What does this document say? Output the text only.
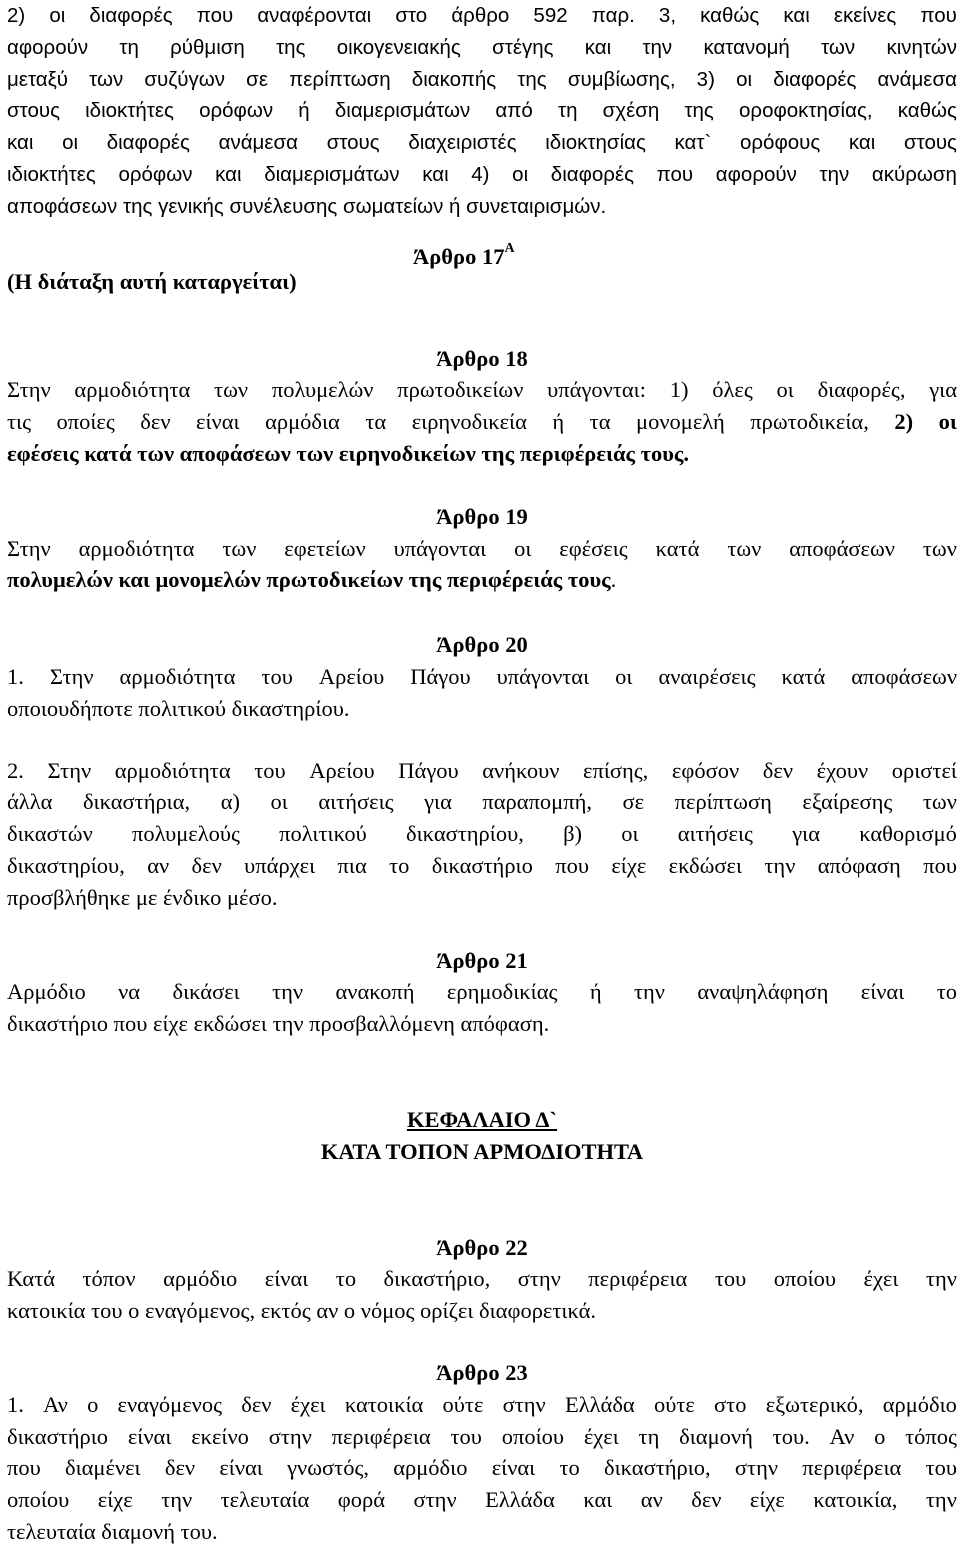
2) οι διαφορές που αναφέρονται στο άρθρο 592 παρ. 3, καθώς και εκείνες που
αφορούν τη ρύθμιση της οικογενειακής στέγης και την κατανομή των κινητών
μεταξύ των συζύγων σε περίπτωση διακοπής της συμβίωσης, 3) οι διαφορές ανάμεσα
στους ιδιοκτήτες ορόφων ή διαμερισμάτων από τη σχέση της οροφοκτησίας, καθώς
και οι διαφορές ανάμεσα στους διαχειριστές ιδιοκτησίας κατ` ορόφους και στους
ιδιοκτήτες ορόφων και διαμερισμάτων και 4) οι διαφορές που αφορούν την ακύρωση
αποφάσεων της γενικής συνέλευσης σωματείων ή συνεταιρισμών.
Άρθρο $17^A$
(Η διάταξη αυτή καταργείται)
Άρθρο 18
Στην αρμοδιότητα των πολυμελών πρωτοδικείων υπάγονται: 1) όλες οι διαφορές, για
τις οποίες δεν είναι αρμόδια τα ειρηνοδικεία ή τα μονομελή πρωτοδικεία, 2) οι
εφέσεις κατά των αποφάσεων των ειρηνοδικείων της περιφέρειάς τους.
Άρθρο 19
Στην αρμοδιότητα των εφετείων υπάγονται οι εφέσεις κατά των αποφάσεων των
πολυμελών και μονομελών πρωτοδικείων της περιφέρειάς τους .
Άρθρο 20
1. Στην αρμοδιότητα του Αρείου Πάγου υπάγονται οι αναιρέσεις κατά αποφάσεων
οποιουδήποτε πολιτικού δικαστηρίου.
2. Στην αρμοδιότητα του Αρείου Πάγου ανήκουν επίσης, εφόσον δεν έχουν οριστεί
άλλα δικαστήρια, α) οι αιτήσεις για παραπομπή, σε περίπτωση εξαίρεσης των
δικαστών πολυμελούς πολιτικού δικαστηρίου, β) οι αιτήσεις για καθορισμό
δικαστηρίου, αν δεν υπάρχει πια το δικαστήριο που είχε εκδώσει την απόφαση που
προσβλήθηκε με ένδικο μέσο.
Άρθρο 21
Αρμόδιο να δικάσει την ανακοπή ερημοδικίας ή την αναψηλάφηση είναι το
δικαστήριο που είχε εκδώσει την προσβαλλόμενη απόφαση.
ΚΕΦΑΛΑΙΟ Δ`
ΚΑΤΑ ΤΟΠΟΝ ΑΡΜΟΔΙΟΤΗΤΑ
Άρθρο 22
Κατά τόπον αρμόδιο είναι το δικαστήριο, στην περιφέρεια του οποίου έχει την
κατοικία του ο εναγόμενος, εκτός αν ο νόμος ορίζει διαφορετικά.
Άρθρο 23
1. Αν ο εναγόμενος δεν έχει κατοικία ούτε στην Ελλάδα ούτε στο εξωτερικό, αρμόδιο
δικαστήριο είναι εκείνο στην περιφέρεια του οποίου έχει τη διαμονή του. Αν ο τόπος
που διαμένει δεν είναι γνωστός, αρμόδιο είναι το δικαστήριο, στην περιφέρεια του
οποίου είχε την τελευταία φορά στην Ελλάδα και αν δεν είχε κατοικία, την
τελευταία διαμονή του.
